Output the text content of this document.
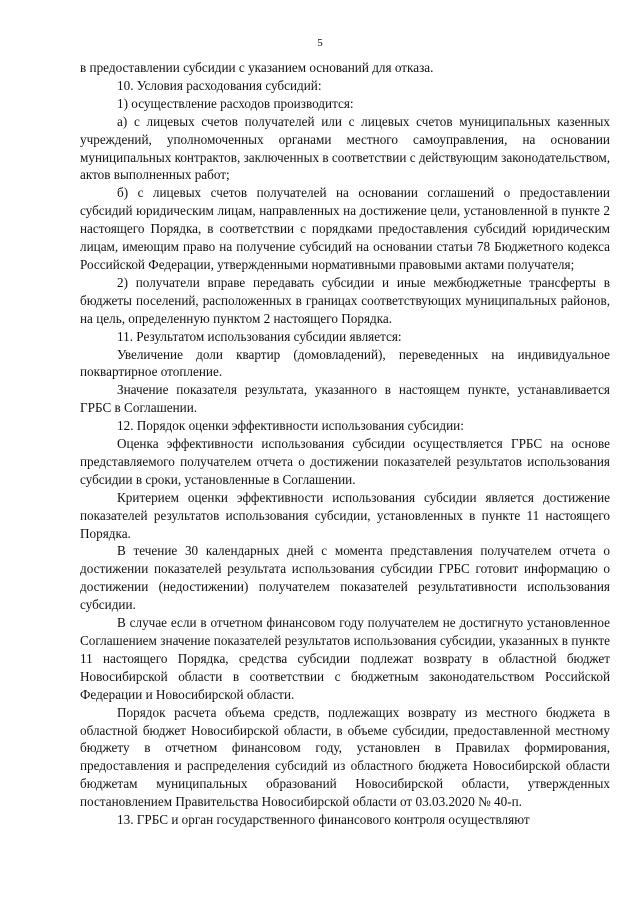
5

в предоставлении субсидии с указанием оснований для отказа.

10. Условия расходования субсидий:

1) осуществление расходов производится:

а) с лицевых счетов получателей или с лицевых счетов муниципальных казенных учреждений, уполномоченных органами местного самоуправления, на основании муниципальных контрактов, заключенных в соответствии с действующим законодательством, актов выполненных работ;

б) с лицевых счетов получателей на основании соглашений о предоставлении субсидий юридическим лицам, направленных на достижение цели, установленной в пункте 2 настоящего Порядка, в соответствии с порядками предоставления субсидий юридическим лицам, имеющим право на получение субсидий на основании статьи 78 Бюджетного кодекса Российской Федерации, утвержденными нормативными правовыми актами получателя;

2) получатели вправе передавать субсидии и иные межбюджетные трансферты в бюджеты поселений, расположенных в границах соответствующих муниципальных районов, на цель, определенную пунктом 2 настоящего Порядка.

11. Результатом использования субсидии является:

Увеличение доли квартир (домовладений), переведенных на индивидуальное поквартирное отопление.

Значение показателя результата, указанного в настоящем пункте, устанавливается ГРБС в Соглашении.

12. Порядок оценки эффективности использования субсидии:

Оценка эффективности использования субсидии осуществляется ГРБС на основе представляемого получателем отчета о достижении показателей результатов использования субсидии в сроки, установленные в Соглашении.

Критерием оценки эффективности использования субсидии является достижение показателей результатов использования субсидии, установленных в пункте 11 настоящего Порядка.

В течение 30 календарных дней с момента представления получателем отчета о достижении показателей результата использования субсидии ГРБС готовит информацию о достижении (недостижении) получателем показателей результативности использования субсидии.

В случае если в отчетном финансовом году получателем не достигнуто установленное Соглашением значение показателей результатов использования субсидии, указанных в пункте 11 настоящего Порядка, средства субсидии подлежат возврату в областной бюджет Новосибирской области в соответствии с бюджетным законодательством Российской Федерации и Новосибирской области.

Порядок расчета объема средств, подлежащих возврату из местного бюджета в областной бюджет Новосибирской области, в объеме субсидии, предоставленной местному бюджету в отчетном финансовом году, установлен в Правилах формирования, предоставления и распределения субсидий из областного бюджета Новосибирской области бюджетам муниципальных образований Новосибирской области, утвержденных постановлением Правительства Новосибирской области от 03.03.2020 № 40-п.

13. ГРБС и орган государственного финансового контроля осуществляют
